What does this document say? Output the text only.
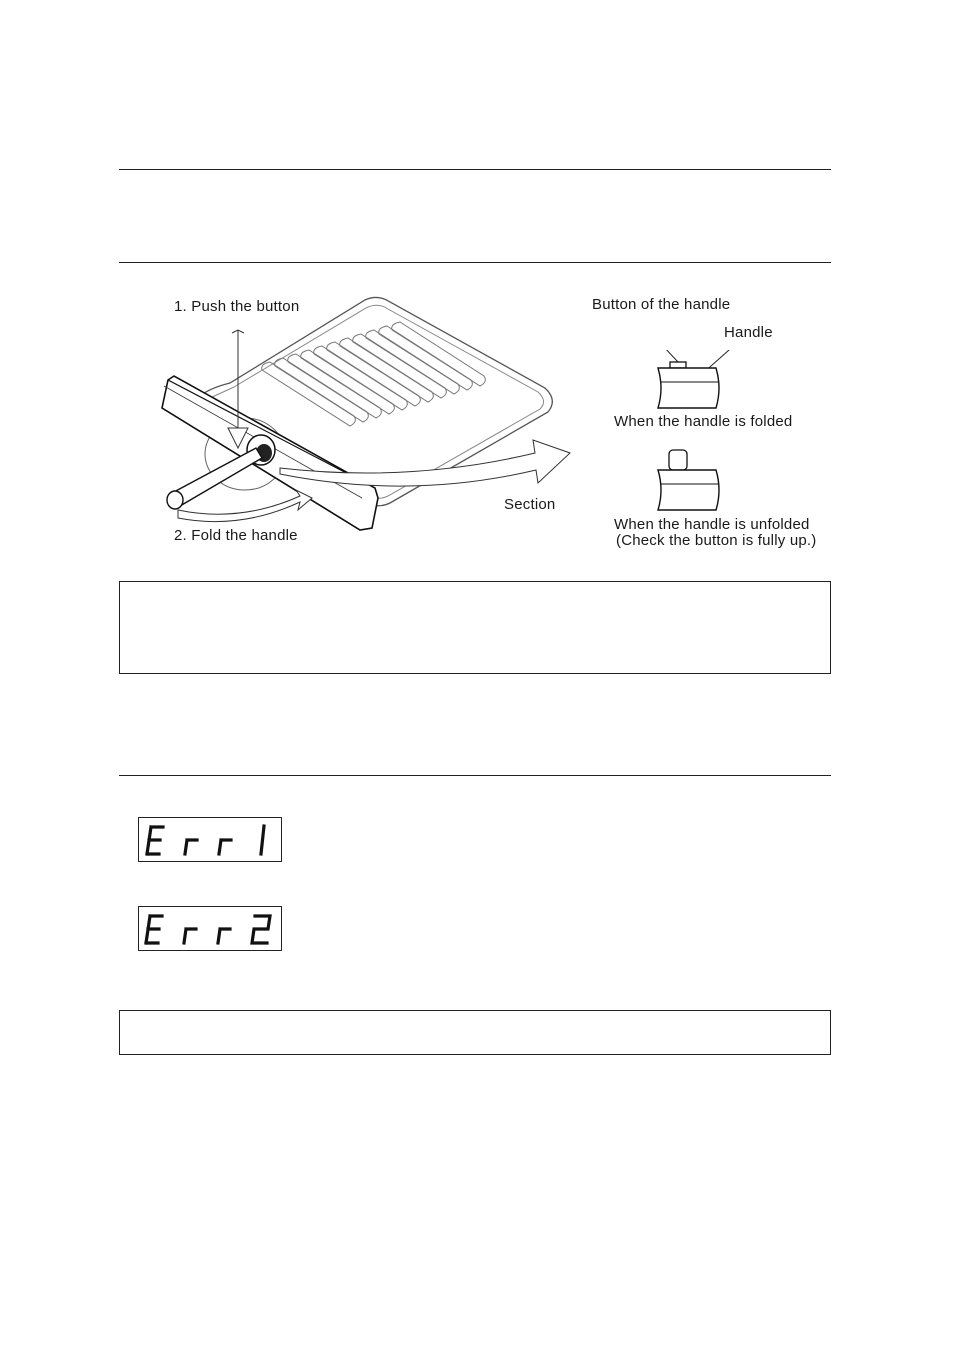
1. Push the button
2. Fold the handle
Section
Button of the handle
Handle
When the handle is folded
When the handle is unfolded
(Check the button is fully up.)
